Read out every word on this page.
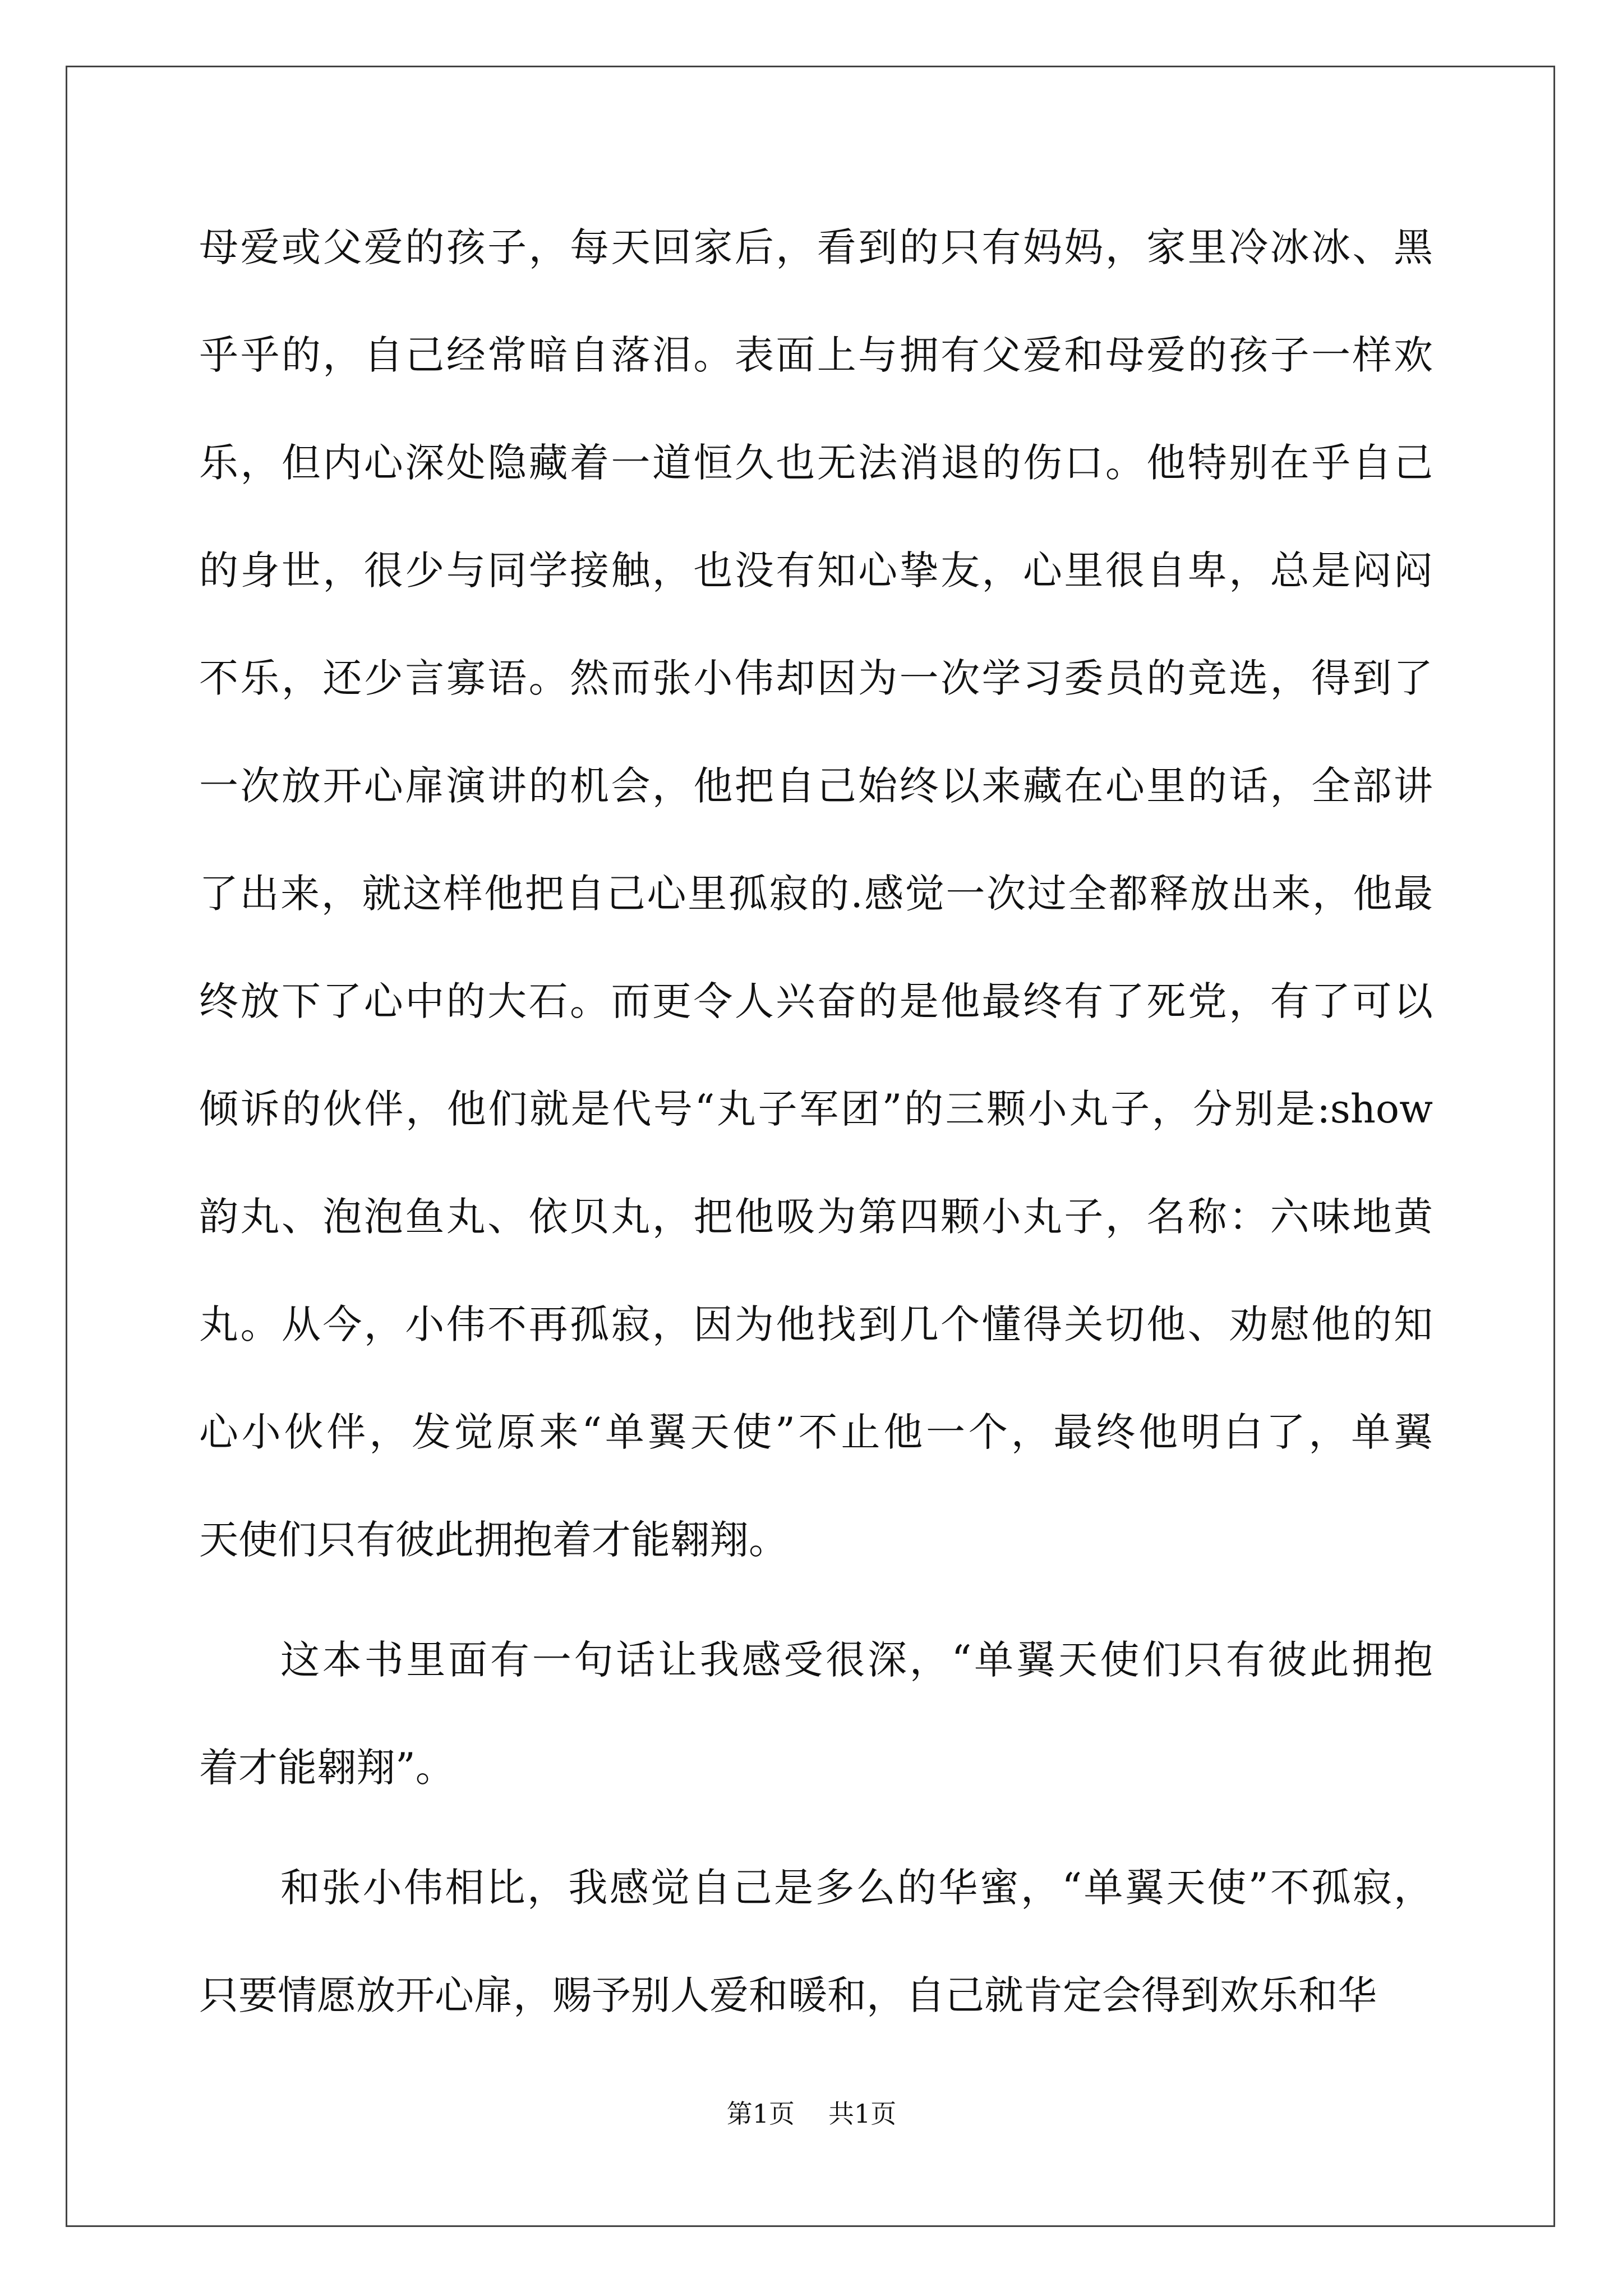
母爱或父爱的孩子，每天回家后，看到的只有妈妈，家里冷冰冰、黑
乎乎的，自己经常暗自落泪。表面上与拥有父爱和母爱的孩子一样欢
乐，但内心深处隐藏着一道恒久也无法消退的伤口。他特别在乎自己
的身世，很少与同学接触，也没有知心挚友，心里很自卑，总是闷闷
不乐，还少言寡语。然而张小伟却因为一次学习委员的竞选，得到了
一次放开心扉演讲的机会，他把自己始终以来藏在心里的话，全部讲
了出来，就这样他把自己心里孤寂的.感觉一次过全都释放出来，他最
终放下了心中的大石。而更令人兴奋的是他最终有了死党，有了可以
倾诉的伙伴，他们就是代号“丸子军团”的三颗小丸子，分别是:show
韵丸、泡泡鱼丸、依贝丸，把他吸为第四颗小丸子，名称：六味地黄
丸。从今，小伟不再孤寂，因为他找到几个懂得关切他、劝慰他的知
心小伙伴，发觉原来“单翼天使”不止他一个，最终他明白了，单翼
天使们只有彼此拥抱着才能翱翔。
这本书里面有一句话让我感受很深，“单翼天使们只有彼此拥抱
着才能翱翔”。
和张小伟相比，我感觉自己是多么的华蜜，“单翼天使”不孤寂，
只要情愿放开心扉，赐予别人爱和暖和，自己就肯定会得到欢乐和华
第1页 共1页
